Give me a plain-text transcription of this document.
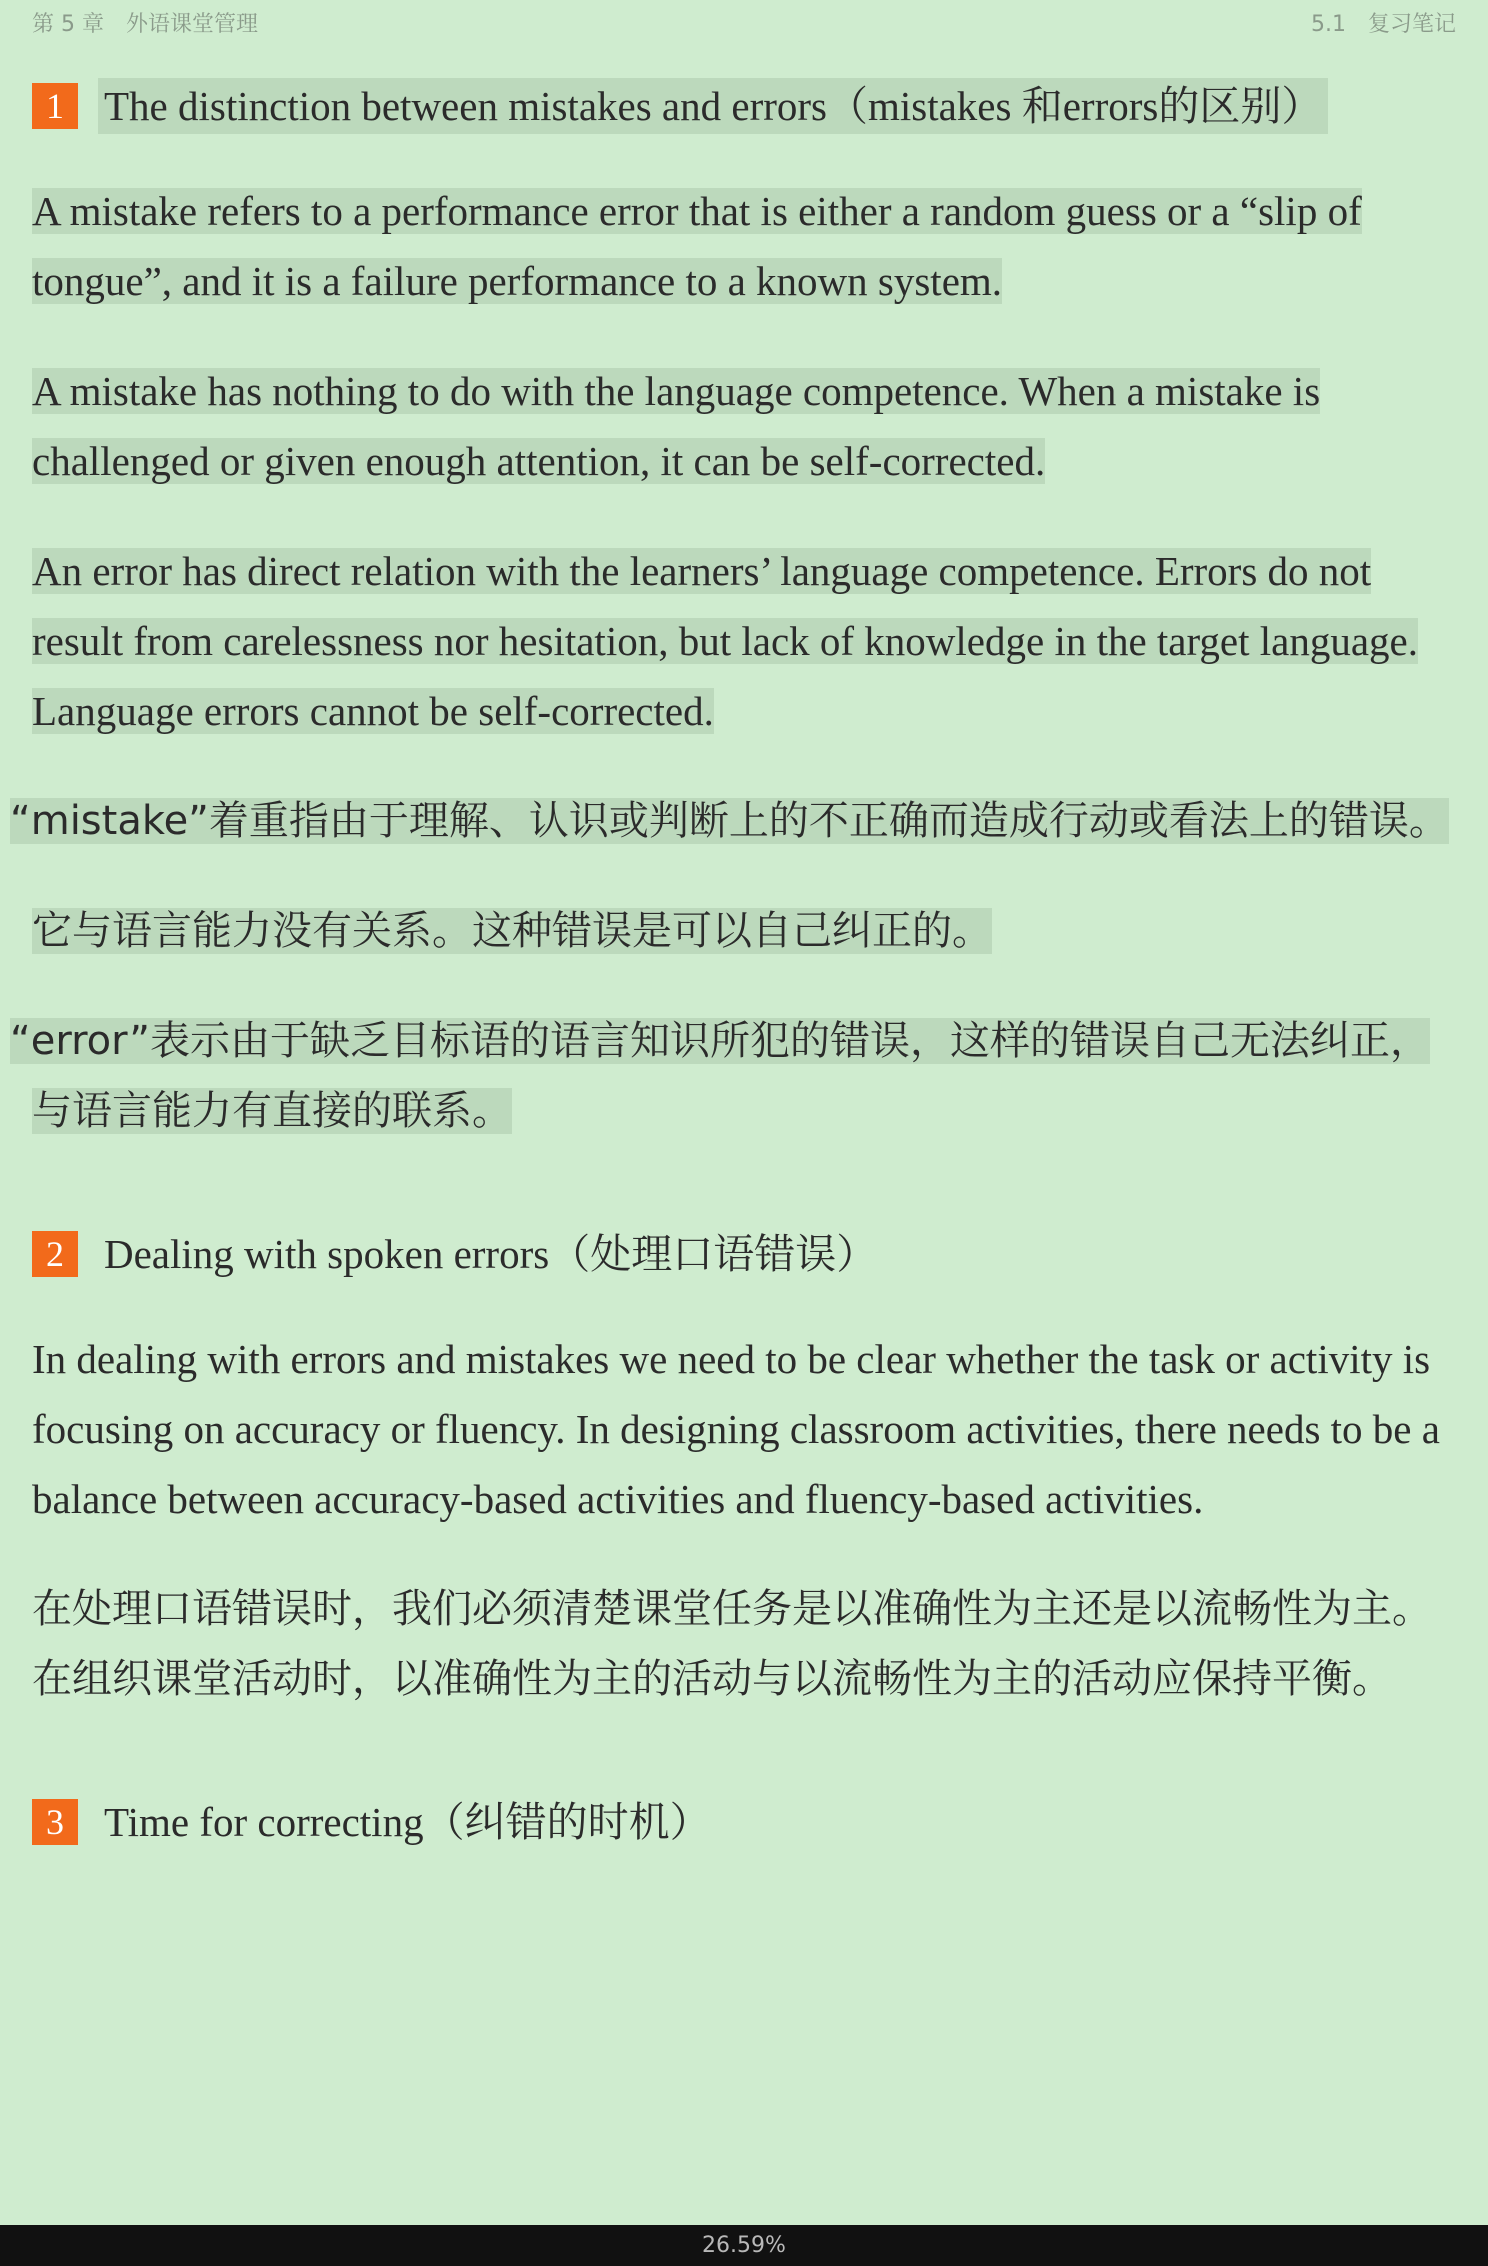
第 5 章　外语课堂管理	5.1　复习笔记
1 The distinction between mistakes and errors（mistakes 和errors的区别）
A mistake refers to a performance error that is either a random guess or a “slip of tongue”, and it is a failure performance to a known system.
A mistake has nothing to do with the language competence. When a mistake is challenged or given enough attention, it can be self-corrected.
An error has direct relation with the learners’ language competence. Errors do not result from carelessness nor hesitation, but lack of knowledge in the target language. Language errors cannot be self-corrected.
“mistake”着重指由于理解、认识或判断上的不正确而造成行动或看法上的错误。
它与语言能力没有关系。这种错误是可以自己纠正的。
“error”表示由于缺乏目标语的语言知识所犯的错误，这样的错误自己无法纠正，与语言能力有直接的联系。
2 Dealing with spoken errors（处理口语错误）
In dealing with errors and mistakes we need to be clear whether the task or activity is focusing on accuracy or fluency. In designing classroom activities, there needs to be a balance between accuracy-based activities and fluency-based activities.
在处理口语错误时，我们必须清楚课堂任务是以准确性为主还是以流畅性为主。在组织课堂活动时，以准确性为主的活动与以流畅性为主的活动应保持平衡。
3 Time for correcting（纠错的时机）
26.59%
